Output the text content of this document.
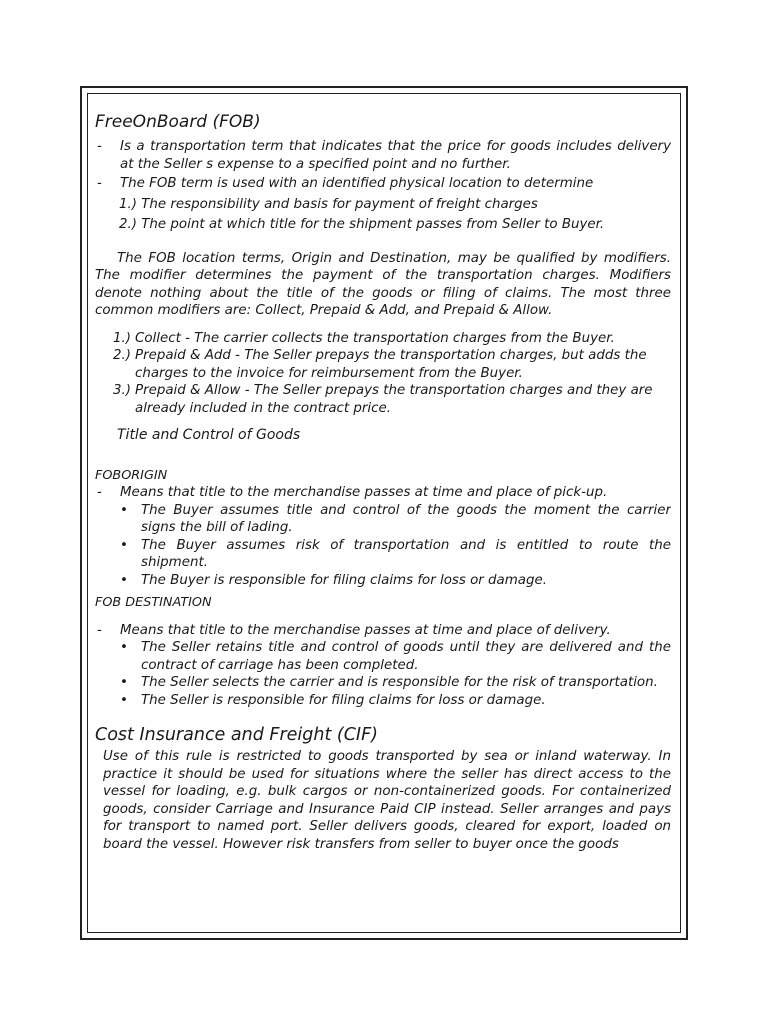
FreeOnBoard (FOB)

- Is a transportation term that indicates that the price for goods includes delivery at the Seller s expense to a specified point and no further.

- The FOB term is used with an identified physical location to determine

1.) The responsibility and basis for payment of freight charges

2.) The point at which title for the shipment passes from Seller to Buyer.

The FOB location terms, Origin and Destination, may be qualified by modifiers. The modifier determines the payment of the transportation charges. Modifiers denote nothing about the title of the goods or filing of claims. The most three common modifiers are: Collect, Prepaid & Add, and Prepaid & Allow.

1.) Collect - The carrier collects the transportation charges from the Buyer.

2.) Prepaid & Add - The Seller prepays the transportation charges, but adds the charges to the invoice for reimbursement from the Buyer.

3.) Prepaid & Allow - The Seller prepays the transportation charges and they are already included in the contract price.

Title and Control of Goods

FOBORIGIN

- Means that title to the merchandise passes at time and place of pick-up.

• The Buyer assumes title and control of the goods the moment the carrier signs the bill of lading.

• The Buyer assumes risk of transportation and is entitled to route the shipment.

• The Buyer is responsible for filing claims for loss or damage.

FOB DESTINATION

- Means that title to the merchandise passes at time and place of delivery.

• The Seller retains title and control of goods until they are delivered and the contract of carriage has been completed.

• The Seller selects the carrier and is responsible for the risk of transportation.

• The Seller is responsible for filing claims for loss or damage.

Cost Insurance and Freight (CIF)

- Use of this rule is restricted to goods transported by sea or inland waterway. In practice it should be used for situations where the seller has direct access to the vessel for loading, e.g. bulk cargos or non-containerized goods. For containerized goods, consider Carriage and Insurance Paid CIP instead. Seller arranges and pays for transport to named port. Seller delivers goods, cleared for export, loaded on board the vessel. However risk transfers from seller to buyer once the goods
